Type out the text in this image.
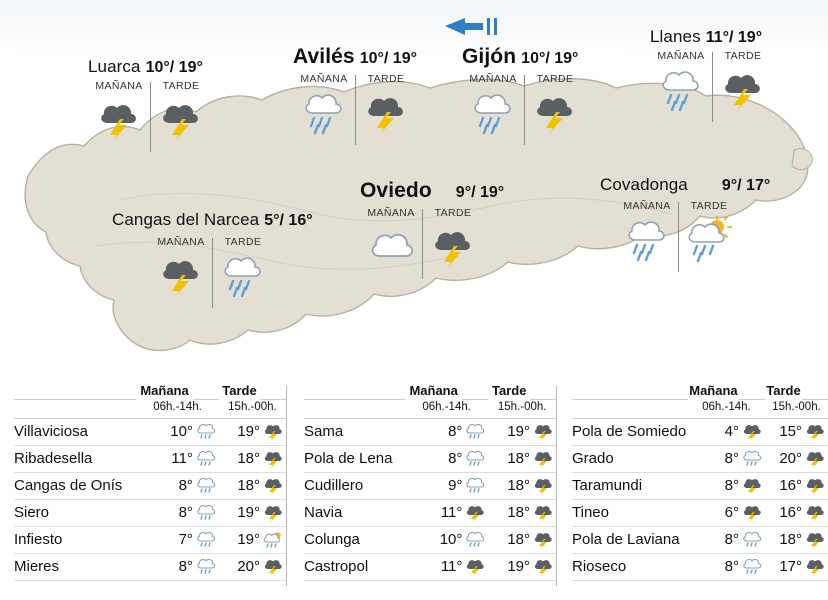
Luarca 10°/ 19°
MAÑANA	TARDE
Avilés 10°/ 19°
MAÑANA	TARDE
Gijón 10°/ 19°
MAÑANA	TARDE
Llanes 11°/ 19°
MAÑANA	TARDE
Cangas del Narcea 5°/ 16°
MAÑANA	TARDE
Oviedo 9°/ 19°
MAÑANA	TARDE
Covadonga 9°/ 17°
MAÑANA	TARDE
	Mañana		Tarde	
	06h.-14h.		15h.-00h.	
Villaviciosa	10°		19°	
Ribadesella	11°		18°	
Cangas de Onís	8°		18°	
Siero	8°		19°	
Infiesto	7°		19°	
Mieres	8°		20°	
	Mañana		Tarde	
	06h.-14h.		15h.-00h.	
Sama	8°		19°	
Pola de Lena	8°		18°	
Cudillero	9°		18°	
Navia	11°		18°	
Colunga	10°		18°	
Castropol	11°		19°	
	Mañana		Tarde	
	06h.-14h.		15h.-00h.	
Pola de Somiedo	4°		15°	
Grado	8°		20°	
Taramundi	8°		16°	
Tineo	6°		16°	
Pola de Laviana	8°		18°	
Rioseco	8°		17°	
